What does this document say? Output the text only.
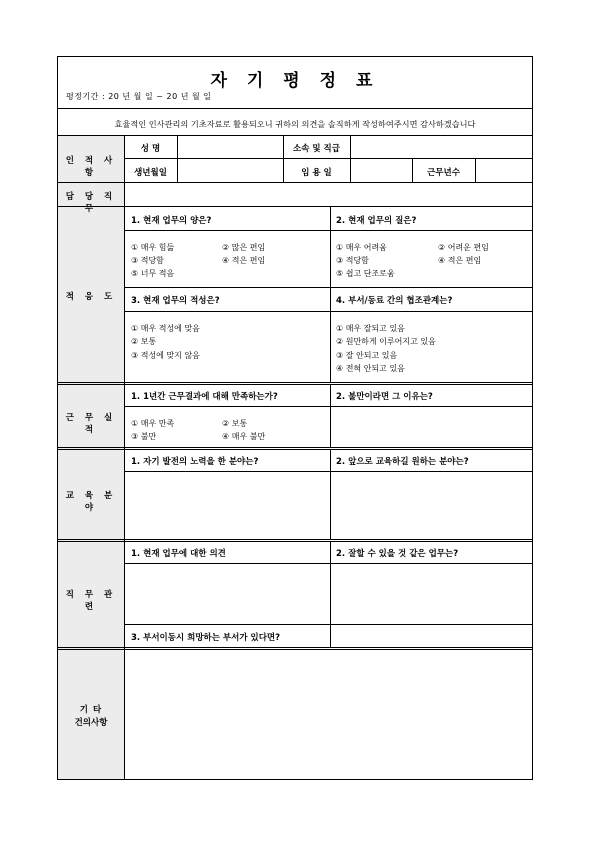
자 기 평 정 표
평정기간 : 20 년 월 일 ~ 20 년 월 일
효율적인 인사관리의 기초자료로 활용되오니 귀하의 의견을 솔직하게 작성하여주시면 감사하겠습니다
인 적 사 항
성 명	소속 및 직급
생년월일	임 용 일	근무년수
담 당 직 무
적 응 도
1. 현재 업무의 양은?
① 매우 힘듦	② 많은 편임
③ 적당함	④ 적은 편임
⑤ 너무 적음
2. 현재 업무의 질은?
① 매우 어려움	② 어려운 편임
③ 적당함	④ 적은 편임
⑤ 쉽고 단조로움
3. 현재 업무의 적성은?
① 매우 적성에 맞음
② 보통
③ 적성에 맞지 않음
4. 부서/동료 간의 협조관계는?
① 매우 잘되고 있음
② 원만하게 이루어지고 있음
③ 잘 안되고 있음
④ 전혀 안되고 있음
근 무 실 적
1. 1년간 근무결과에 대해 만족하는가?
① 매우 만족	② 보통
③ 불만	④ 매우 불만
2. 불만이라면 그 이유는?
교 육 분 야
1. 자기 발전의 노력을 한 분야는?	2. 앞으로 교육하길 원하는 분야는?
직 무 관 련
1. 현재 업무에 대한 의견	2. 잘할 수 있을 것 같은 업무는?
3. 부서이동시 희망하는 부서가 있다면?
기 타
건의사항
